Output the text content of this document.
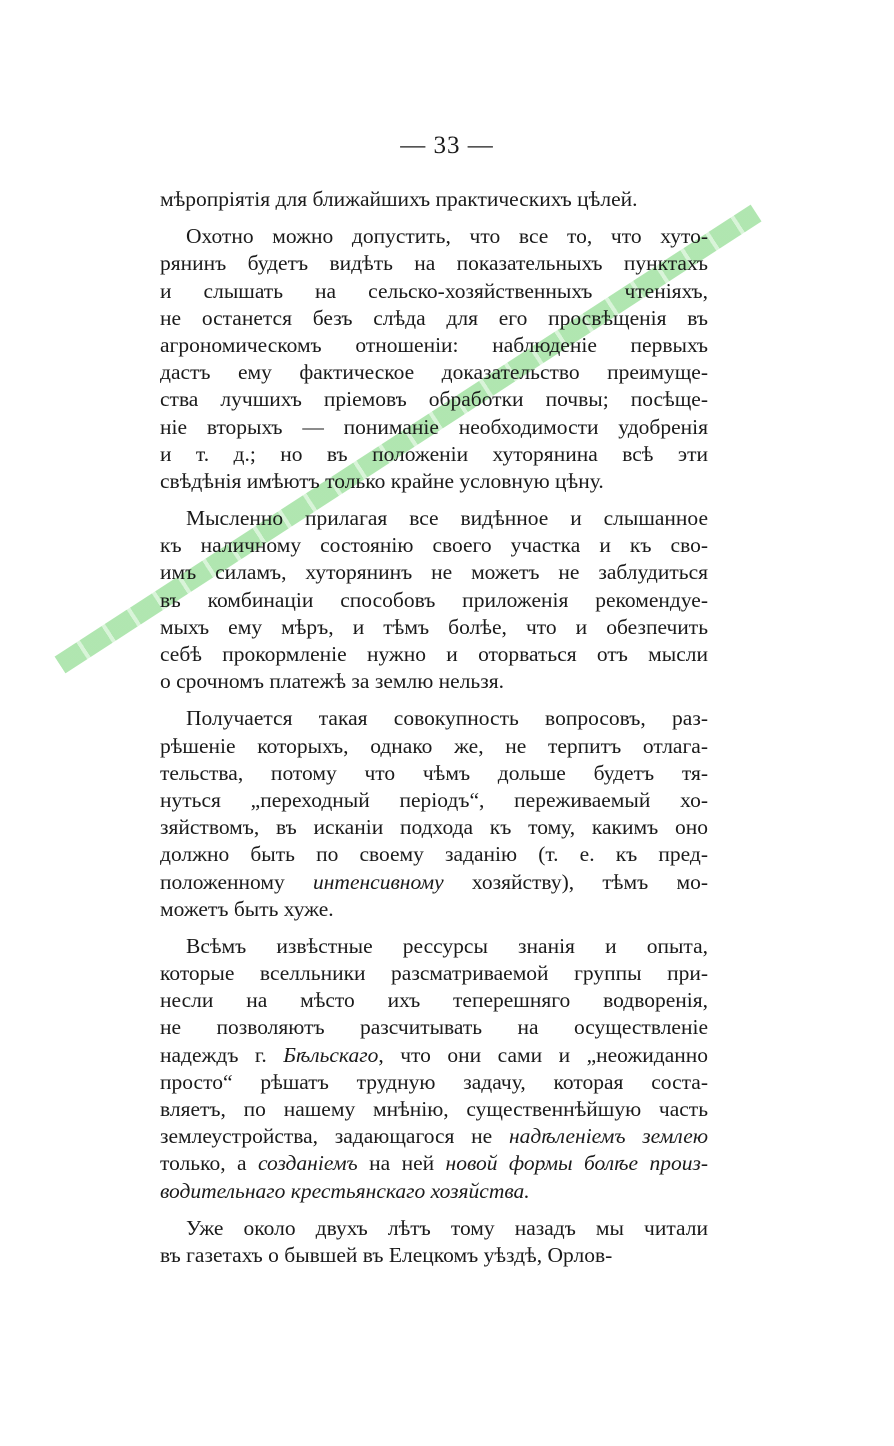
— 33 —
мѣропріятія для ближайшихъ практическихъ цѣлей.
Охотно можно допустить, что все то, что хуто-
рянинъ будетъ видѣть на показательныхъ пунктахъ
и слышать на сельско-хозяйственныхъ чтеніяхъ,
не останется безъ слѣда для его просвѣщенія въ
агрономическомъ отношеніи: наблюденіе первыхъ
дастъ ему фактическое доказательство преимуще-
ства лучшихъ пріемовъ обработки почвы; посѣще-
ніе вторыхъ — пониманіе необходимости удобренія
и т. д.; но въ положеніи хуторянина всѣ эти
свѣдѣнія имѣютъ только крайне условную цѣну.
Мысленно прилагая все видѣнное и слышанное
къ наличному состоянію своего участка и къ сво-
имъ силамъ, хуторянинъ не можетъ не заблудиться
въ комбинаціи способовъ приложенія рекомендуе-
мыхъ ему мѣръ, и тѣмъ болѣе, что и обезпечить
себѣ прокормленіе нужно и оторваться отъ мысли
о срочномъ платежѣ за землю нельзя.
Получается такая совокупность вопросовъ, раз-
рѣшеніе которыхъ, однако же, не терпитъ отлага-
тельства, потому что чѣмъ дольше будетъ тя-
нуться „переходный періодъ“, переживаемый хо-
зяйствомъ, въ исканіи подхода къ тому, какимъ оно
должно быть по своему заданію (т. е. къ пред-
положенному интенсивному хозяйству), тѣмъ мо-
можетъ быть хуже.
Всѣмъ извѣстные рессурсы знанія и опыта,
которые вселльники разсматриваемой группы при-
несли на мѣсто ихъ теперешняго водворенія,
не позволяютъ разсчитывать на осуществленіе
надеждъ г. Бѣльскаго, что они сами и „неожиданно
просто“ рѣшатъ трудную задачу, которая соста-
вляетъ, по нашему мнѣнію, существеннѣйшую часть
землеустройства, задающагося не надѣленіемъ землею
только, а созданіемъ на ней новой формы болѣе произ-
водительнаго крестьянскаго хозяйства.
Уже около двухъ лѣтъ тому назадъ мы читали
въ газетахъ о бывшей въ Елецкомъ уѣздѣ, Орлов-
